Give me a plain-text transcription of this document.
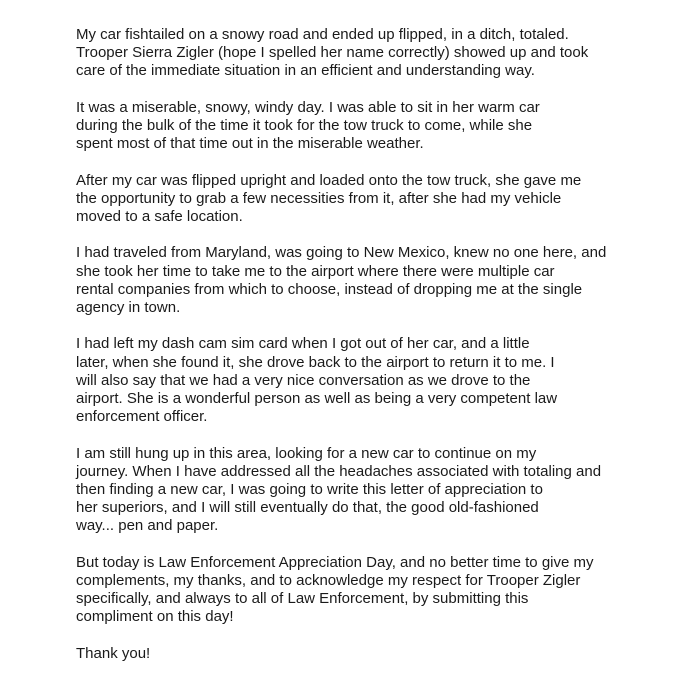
My car fishtailed on a snowy road and ended up flipped, in a ditch, totaled.
Trooper Sierra Zigler (hope I spelled her name correctly) showed up and took
care of the immediate situation in an efficient and understanding way.

It was a miserable, snowy, windy day. I was able to sit in her warm car
during the bulk of the time it took for the tow truck to come, while she
spent most of that time out in the miserable weather.

After my car was flipped upright and loaded onto the tow truck, she gave me
the opportunity to grab a few necessities from it, after she had my vehicle
moved to a safe location.

I had traveled from Maryland, was going to New Mexico, knew no one here, and
she took her time to take me to the airport where there were multiple car
rental companies from which to choose, instead of dropping me at the single
agency in town.

I had left my dash cam sim card when I got out of her car, and a little
later, when she found it, she drove back to the airport to return it to me. I
will also say that we had a very nice conversation as we drove to the
airport. She is a wonderful person as well as being a very competent law
enforcement officer.

I am still hung up in this area, looking for a new car to continue on my
journey. When I have addressed all the headaches associated with totaling and
then finding a new car, I was going to write this letter of appreciation to
her superiors, and I will still eventually do that, the good old-fashioned
way... pen and paper.

But today is Law Enforcement Appreciation Day, and no better time to give my
complements, my thanks, and to acknowledge my respect for Trooper Zigler
specifically, and always to all of Law Enforcement, by submitting this
compliment on this day!

Thank you!
